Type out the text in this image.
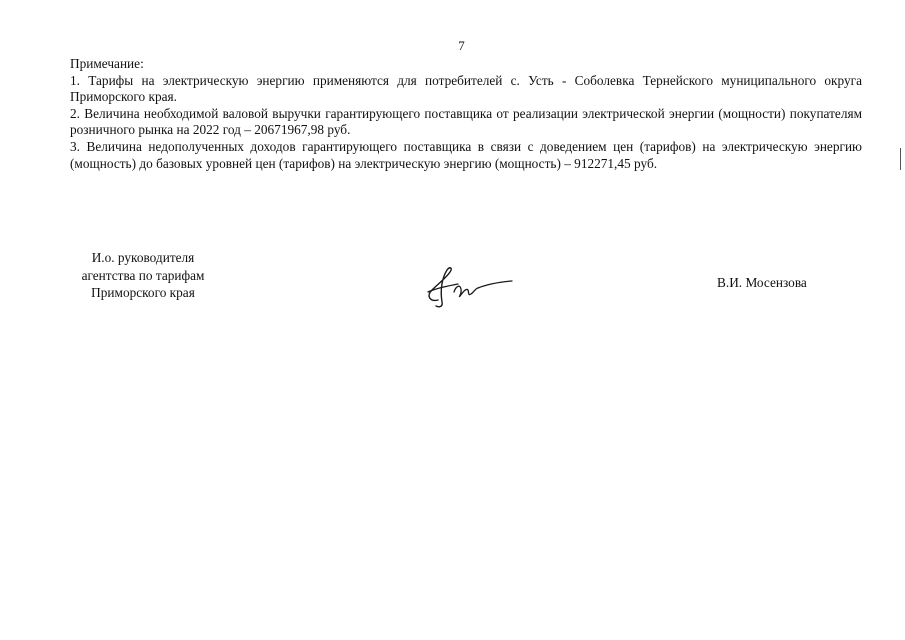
7
Примечание:
1. Тарифы на электрическую энергию применяются для потребителей с. Усть - Соболевка Тернейского муниципального округа Приморского края.
2. Величина необходимой валовой выручки гарантирующего поставщика от реализации электрической энергии (мощности) покупателям розничного рынка на 2022 год – 20671967,98 руб.
3. Величина недополученных доходов гарантирующего поставщика в связи с доведением цен (тарифов) на электрическую энергию (мощность) до базовых уровней цен (тарифов) на электрическую энергию (мощность) – 912271,45 руб.
И.о. руководителя
агентства по тарифам
Приморского края
В.И. Мосензова
